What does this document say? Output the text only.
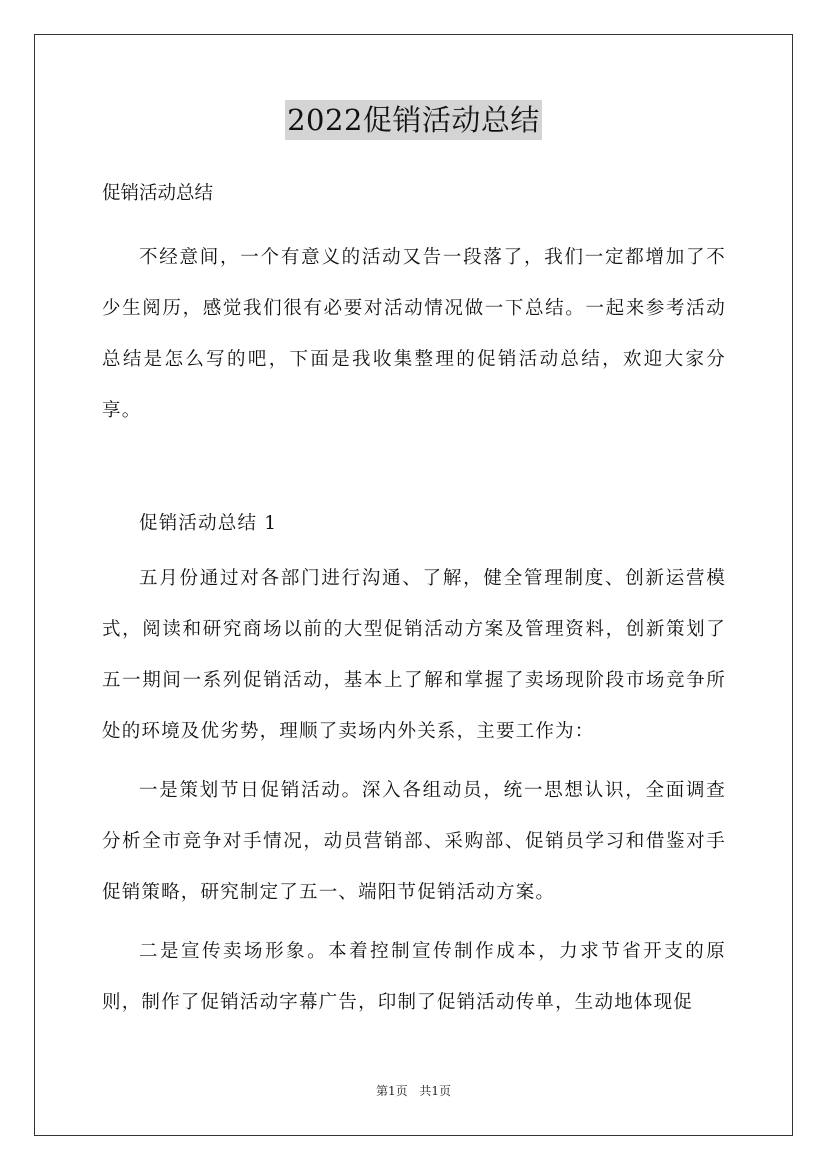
2022促销活动总结

促销活动总结

不经意间，一个有意义的活动又告一段落了，我们一定都增加了不少生阅历，感觉我们很有必要对活动情况做一下总结。一起来参考活动总结是怎么写的吧，下面是我收集整理的促销活动总结，欢迎大家分享。

促销活动总结 1

五月份通过对各部门进行沟通、了解，健全管理制度、创新运营模式，阅读和研究商场以前的大型促销活动方案及管理资料，创新策划了五一期间一系列促销活动，基本上了解和掌握了卖场现阶段市场竞争所处的环境及优劣势，理顺了卖场内外关系，主要工作为：

一是策划节日促销活动。深入各组动员，统一思想认识，全面调查分析全市竞争对手情况，动员营销部、采购部、促销员学习和借鉴对手促销策略，研究制定了五一、端阳节促销活动方案。

二是宣传卖场形象。本着控制宣传制作成本，力求节省开支的原则，制作了促销活动字幕广告，印制了促销活动传单，生动地体现促

第1页 共1页
